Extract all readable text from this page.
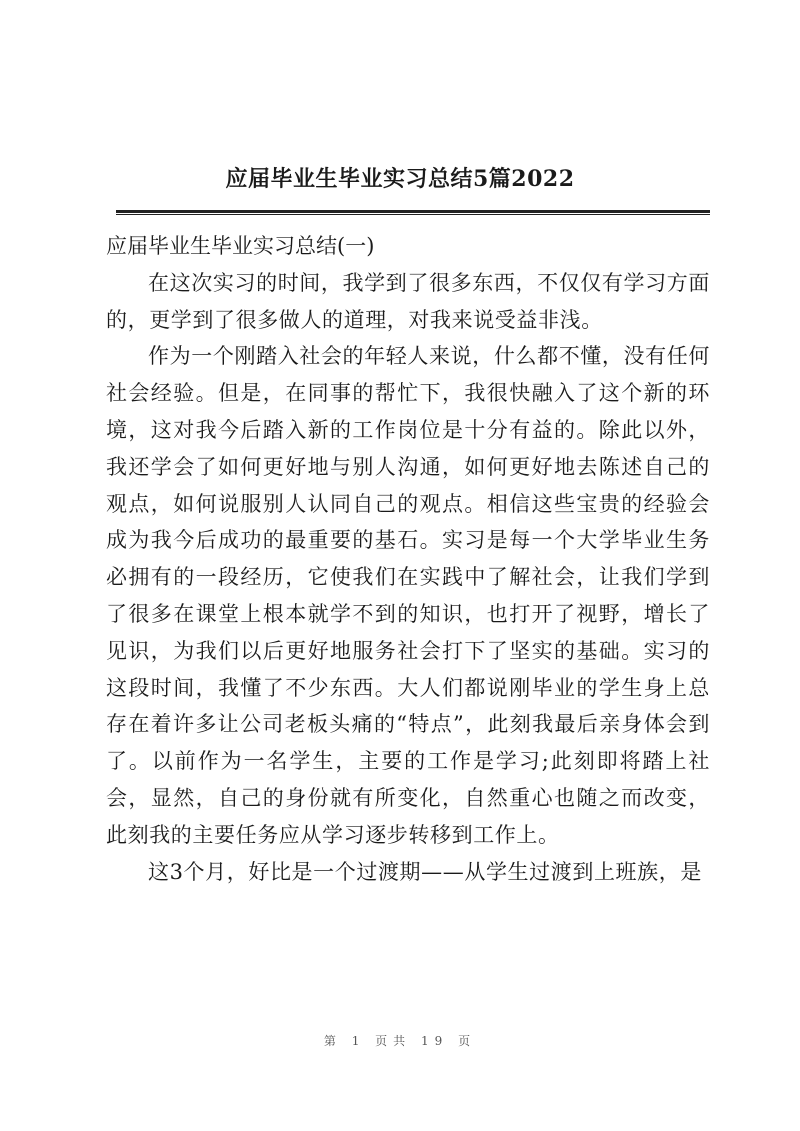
应届毕业生毕业实习总结5篇2022
应届毕业生毕业实习总结(一)

在这次实习的时间，我学到了很多东西，不仅仅有学习方面的，更学到了很多做人的道理，对我来说受益非浅。

作为一个刚踏入社会的年轻人来说，什么都不懂，没有任何社会经验。但是，在同事的帮忙下，我很快融入了这个新的环境，这对我今后踏入新的工作岗位是十分有益的。除此以外，我还学会了如何更好地与别人沟通，如何更好地去陈述自己的观点，如何说服别人认同自己的观点。相信这些宝贵的经验会成为我今后成功的最重要的基石。实习是每一个大学毕业生务必拥有的一段经历，它使我们在实践中了解社会，让我们学到了很多在课堂上根本就学不到的知识，也打开了视野，增长了见识，为我们以后更好地服务社会打下了坚实的基础。实习的这段时间，我懂了不少东西。大人们都说刚毕业的学生身上总存在着许多让公司老板头痛的“特点”，此刻我最后亲身体会到了。以前作为一名学生，主要的工作是学习;此刻即将踏上社会，显然，自己的身份就有所变化，自然重心也随之而改变，此刻我的主要任务应从学习逐步转移到工作上。

这3个月，好比是一个过渡期——从学生过渡到上班族，是

第 1 页共 19 页
